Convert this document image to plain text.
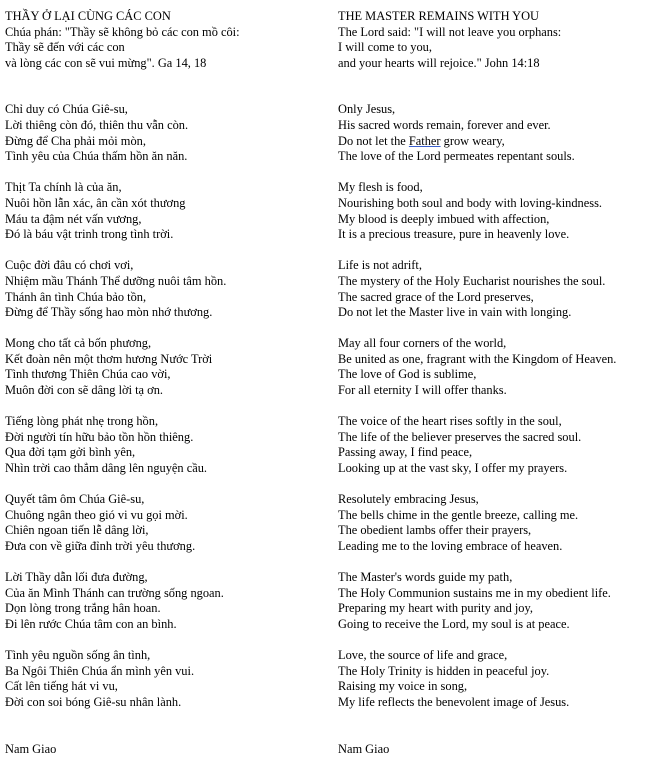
THẦY Ở LẠI CÙNG CÁC CON
Chúa phán: "Thầy sẽ không bỏ các con mồ côi:
Thầy sẽ đến với các con
và lòng các con sẽ vui mừng". Ga 14, 18
Chỉ duy có Chúa Giê-su,
Lời thiêng còn đó, thiên thu vẫn còn.
Đừng để Cha phải mỏi mòn,
Tình yêu của Chúa thấm hồn ăn năn.
Thịt Ta chính là của ăn,
Nuôi hồn lẫn xác, ân cần xót thương
Máu ta đậm nét vấn vương,
Đó là báu vật trinh trong tình trời.
Cuộc đời đâu có chơi vơi,
Nhiệm mầu Thánh Thể dưỡng nuôi tâm hồn.
Thánh ân tình Chúa bảo tồn,
Đừng để Thầy sống hao mòn nhớ thương.
Mong cho tất cả bốn phương,
Kết đoàn nên một thơm hương Nước Trời
Tình thương Thiên Chúa cao vời,
Muôn đời con sẽ dâng lời tạ ơn.
Tiếng lòng phát nhẹ trong hồn,
Đời người tín hữu bảo tồn hồn thiêng.
Qua đời tạm gởi bình yên,
Nhìn trời cao thẳm dâng lên nguyện cầu.
Quyết tâm ôm Chúa Giê-su,
Chuông ngân theo gió vi vu gọi mời.
Chiên ngoan tiến lễ dâng lời,
Đưa con về giữa đỉnh trời yêu thương.
Lời Thầy dẫn lối đưa đường,
Của ăn Mình Thánh can trường sống ngoan.
Dọn lòng trong trắng hân hoan.
Đi lên rước Chúa tâm con an bình.
Tình yêu nguồn sống ân tình,
Ba Ngôi Thiên Chúa ẩn mình yên vui.
Cất lên tiếng hát vi vu,
Đời con soi bóng Giê-su nhân lành.
Nam Giao
THE MASTER REMAINS WITH YOU
The Lord said: "I will not leave you orphans:
I will come to you,
and your hearts will rejoice." John 14:18
Only Jesus,
His sacred words remain, forever and ever.
Do not let the Father grow weary,
The love of the Lord permeates repentant souls.
My flesh is food,
Nourishing both soul and body with loving-kindness.
My blood is deeply imbued with affection,
It is a precious treasure, pure in heavenly love.
Life is not adrift,
The mystery of the Holy Eucharist nourishes the soul.
The sacred grace of the Lord preserves,
Do not let the Master live in vain with longing.
May all four corners of the world,
Be united as one, fragrant with the Kingdom of Heaven.
The love of God is sublime,
For all eternity I will offer thanks.
The voice of the heart rises softly in the soul,
The life of the believer preserves the sacred soul.
Passing away, I find peace,
Looking up at the vast sky, I offer my prayers.
Resolutely embracing Jesus,
The bells chime in the gentle breeze, calling me.
The obedient lambs offer their prayers,
Leading me to the loving embrace of heaven.
The Master's words guide my path,
The Holy Communion sustains me in my obedient life.
Preparing my heart with purity and joy,
Going to receive the Lord, my soul is at peace.
Love, the source of life and grace,
The Holy Trinity is hidden in peaceful joy.
Raising my voice in song,
My life reflects the benevolent image of Jesus.
Nam Giao
